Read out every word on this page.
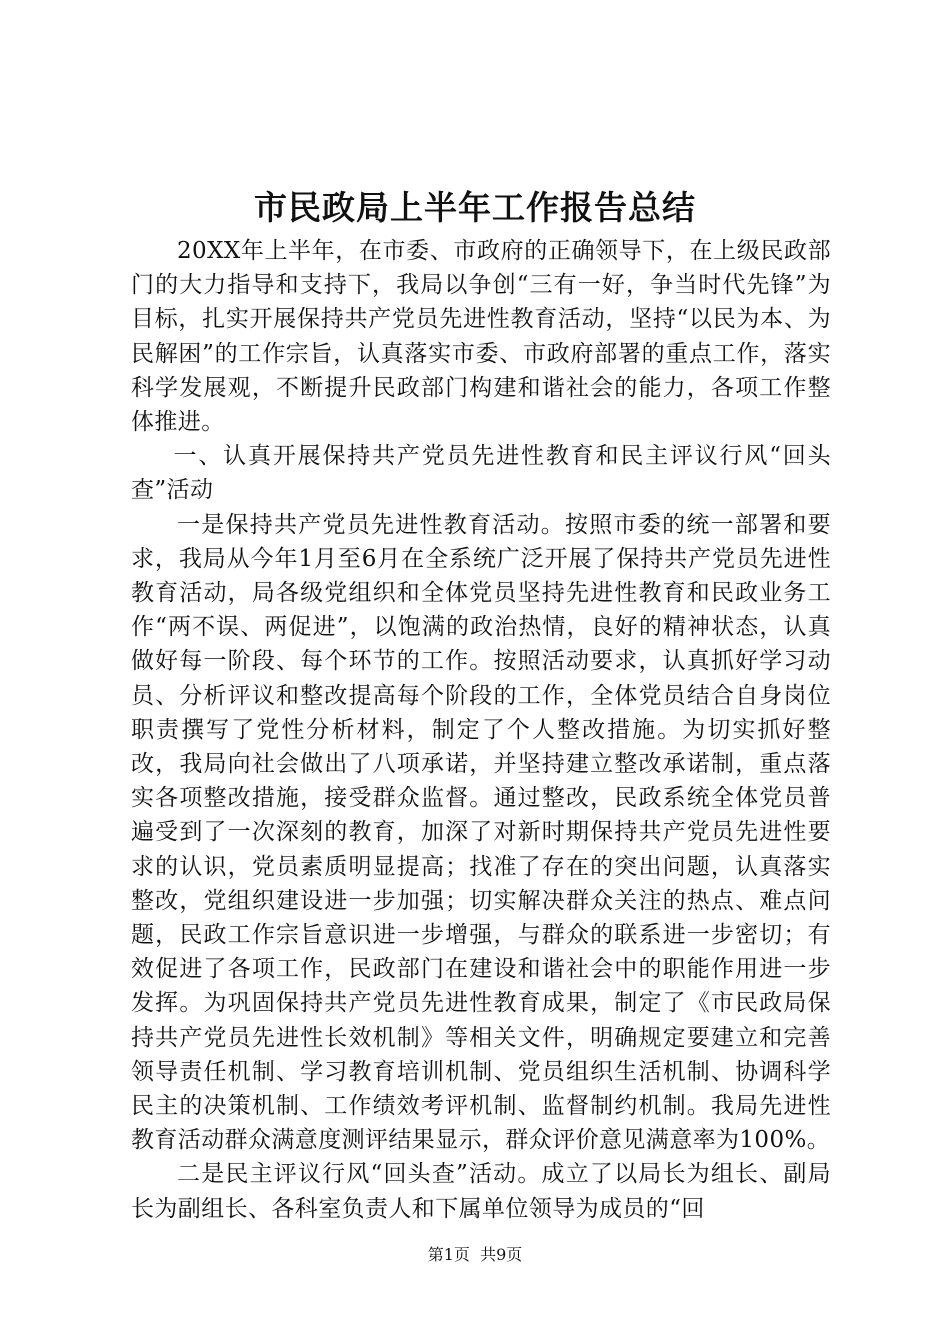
市民政局上半年工作报告总结

20XX年上半年，在市委、市政府的正确领导下，在上级民政部门的大力指导和支持下，我局以争创“三有一好，争当时代先锋”为目标，扎实开展保持共产党员先进性教育活动，坚持“以民为本、为民解困”的工作宗旨，认真落实市委、市政府部署的重点工作，落实科学发展观，不断提升民政部门构建和谐社会的能力，各项工作整体推进。

一、认真开展保持共产党员先进性教育和民主评议行风“回头查”活动

一是保持共产党员先进性教育活动。按照市委的统一部署和要求，我局从今年1月至6月在全系统广泛开展了保持共产党员先进性教育活动，局各级党组织和全体党员坚持先进性教育和民政业务工作“两不误、两促进”，以饱满的政治热情，良好的精神状态，认真做好每一阶段、每个环节的工作。按照活动要求，认真抓好学习动员、分析评议和整改提高每个阶段的工作，全体党员结合自身岗位职责撰写了党性分析材料，制定了个人整改措施。为切实抓好整改，我局向社会做出了八项承诺，并坚持建立整改承诺制，重点落实各项整改措施，接受群众监督。通过整改，民政系统全体党员普遍受到了一次深刻的教育，加深了对新时期保持共产党员先进性要求的认识，党员素质明显提高；找准了存在的突出问题，认真落实整改，党组织建设进一步加强；切实解决群众关注的热点、难点问题，民政工作宗旨意识进一步增强，与群众的联系进一步密切；有效促进了各项工作，民政部门在建设和谐社会中的职能作用进一步发挥。为巩固保持共产党员先进性教育成果，制定了《市民政局保持共产党员先进性长效机制》等相关文件，明确规定要建立和完善领导责任机制、学习教育培训机制、党员组织生活机制、协调科学民主的决策机制、工作绩效考评机制、监督制约机制。我局先进性教育活动群众满意度测评结果显示，群众评价意见满意率为100%。

二是民主评议行风“回头查”活动。成立了以局长为组长、副局长为副组长、各科室负责人和下属单位领导为成员的“回

第1页 共9页
